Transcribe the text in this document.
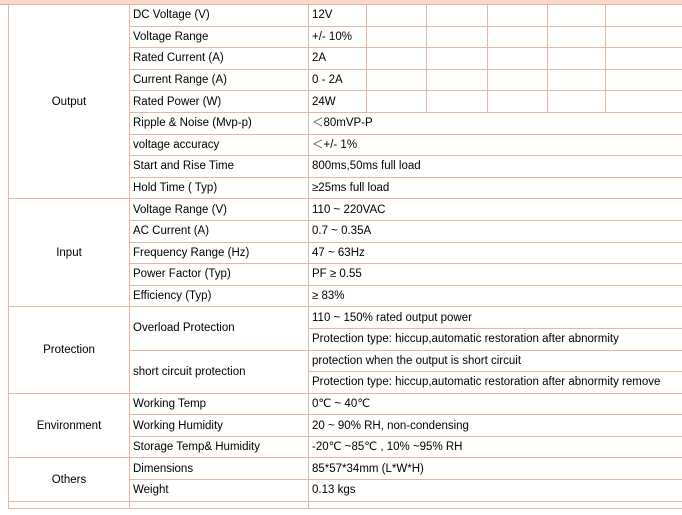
Output	DC Voltage (V)	12V					
	Voltage Range	+/- 10%					
	Rated Current (A)	2A					
	Current Range (A)	0 - 2A					
	Rated Power (W)	24W					
	Ripple & Noise (Mvp-p)	＜80mVP-P					
	voltage accuracy	＜+/- 1%					
	Start and Rise Time	800ms,50ms full load					
	Hold Time ( Typ)	≥25ms full load					
Input	Voltage Range (V)	110 ~ 220VAC					
	AC Current (A)	0.7 ~ 0.35A					
	Frequency Range (Hz)	47 ~ 63Hz					
	Power Factor (Typ)	PF ≥ 0.55					
	Efficiency (Typ)	≥ 83%					
Protection	Overload Protection	110 ~ 150% rated output power					
		Protection type: hiccup,automatic restoration after abnormity					
	short circuit protection	protection when the output is short circuit					
		Protection type: hiccup,automatic restoration after abnormity remove					

Environment	Working Temp	0℃ ~ 40℃					
	Working Humidity	20 ~ 90% RH, non-condensing					
	Storage Temp& Humidity	-20℃ ~85℃ , 10% ~95% RH					
Others	Dimensions	85*57*34mm (L*W*H)					
	Weight	0.13 kgs					
